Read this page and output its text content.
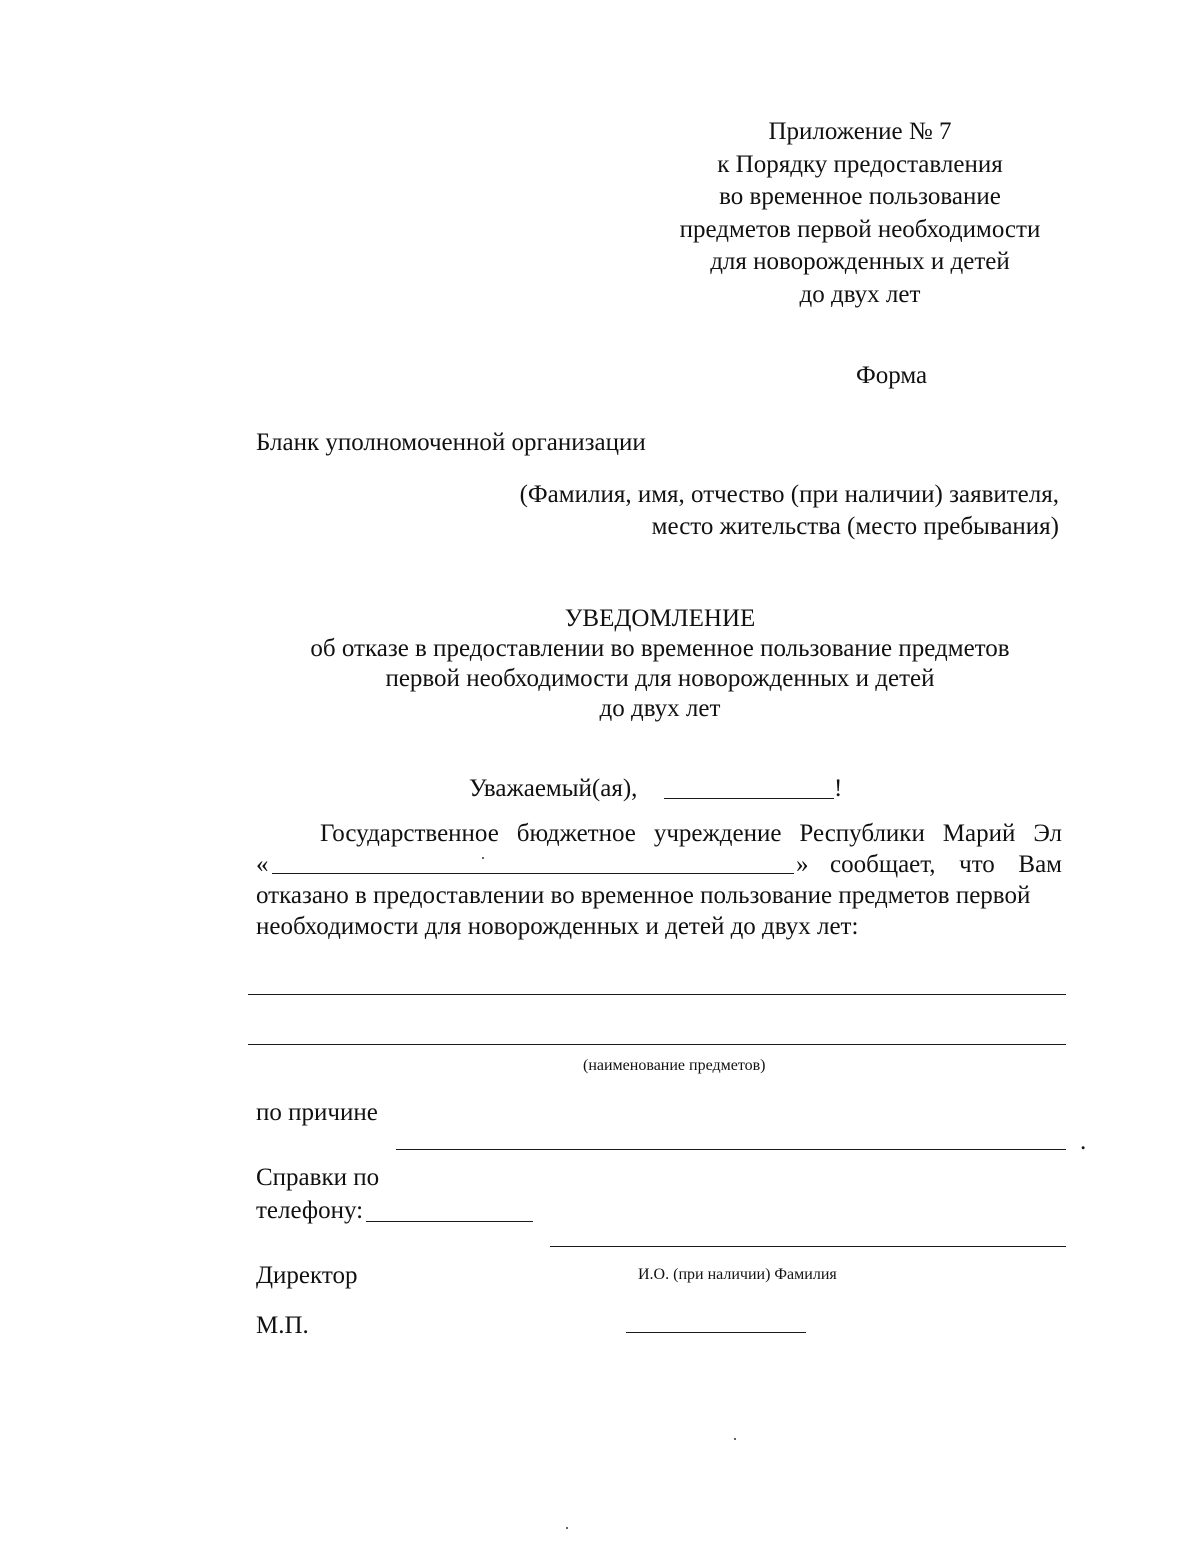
Приложение № 7
к Порядку предоставления
во временное пользование
предметов первой необходимости
для новорожденных и детей
до двух лет
Форма
Бланк уполномоченной организации
(Фамилия, имя, отчество (при наличии) заявителя,
место жительства (место пребывания)
УВЕДОМЛЕНИЕ
об отказе в предоставлении во временное пользование предметов
первой необходимости для новорожденных и детей
до двух лет
Уважаемый(ая),	!
Государственное бюджетное учреждение Республики Марий Эл
«	» сообщает, что Вам
отказано в предоставлении во временное пользование предметов первой
необходимости для новорожденных и детей до двух лет:
(наименование предметов)
по причине
.
Справки по
телефону:
Директор	И.О. (при наличии) Фамилия
М.П.
